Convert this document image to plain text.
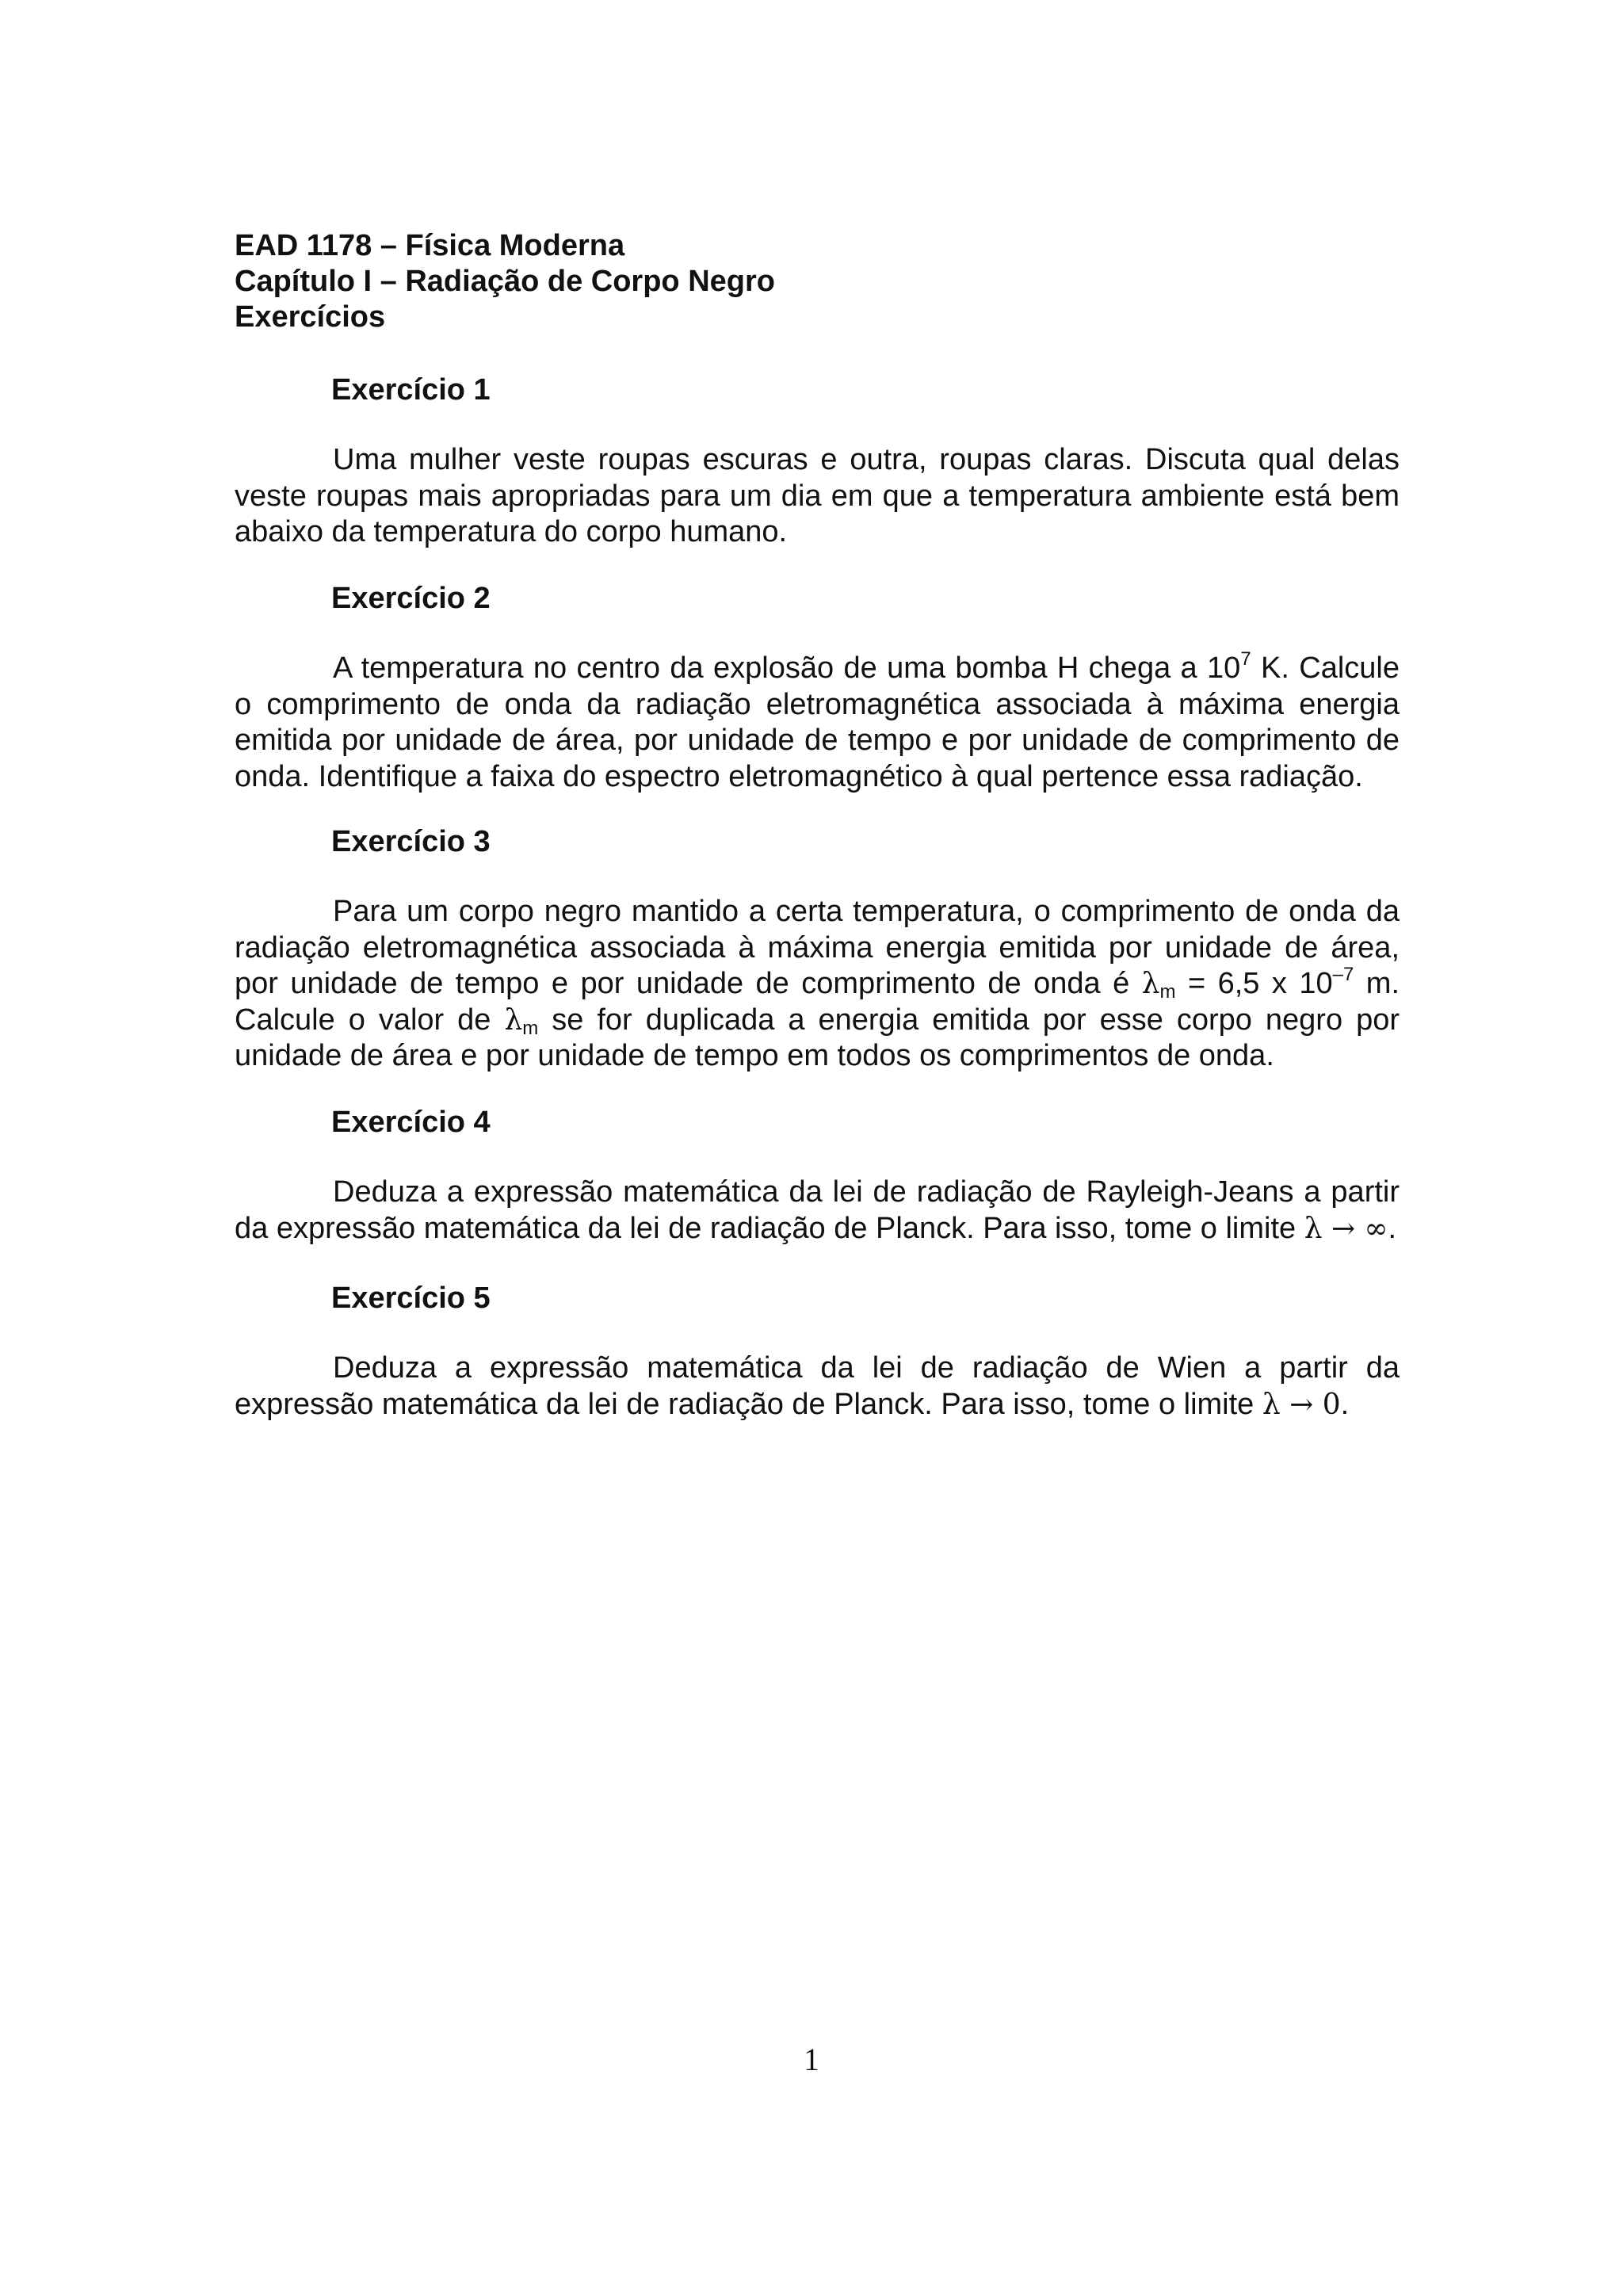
EAD 1178 – Física Moderna
Capítulo I – Radiação de Corpo Negro
Exercícios
Exercício 1
Uma mulher veste roupas escuras e outra, roupas claras. Discuta qual delas veste roupas mais apropriadas para um dia em que a temperatura ambiente está bem abaixo da temperatura do corpo humano.
Exercício 2
A temperatura no centro da explosão de uma bomba H chega a $10^7$ K. Calcule o comprimento de onda da radiação eletromagnética associada à máxima energia emitida por unidade de área, por unidade de tempo e por unidade de comprimento de onda. Identifique a faixa do espectro eletromagnético à qual pertence essa radiação.
Exercício 3
Para um corpo negro mantido a certa temperatura, o comprimento de onda da radiação eletromagnética associada à máxima energia emitida por unidade de área, por unidade de tempo e por unidade de comprimento de onda é $\lambda_m = 6,5$ x $10^{-7}$ m. Calcule o valor de $\lambda_m$ se for duplicada a energia emitida por esse corpo negro por unidade de área e por unidade de tempo em todos os comprimentos de onda.
Exercício 4
Deduza a expressão matemática da lei de radiação de Rayleigh-Jeans a partir da expressão matemática da lei de radiação de Planck. Para isso, tome o limite λ → ∞.
Exercício 5
Deduza a expressão matemática da lei de radiação de Wien a partir da expressão matemática da lei de radiação de Planck. Para isso, tome o limite λ → 0.
1
